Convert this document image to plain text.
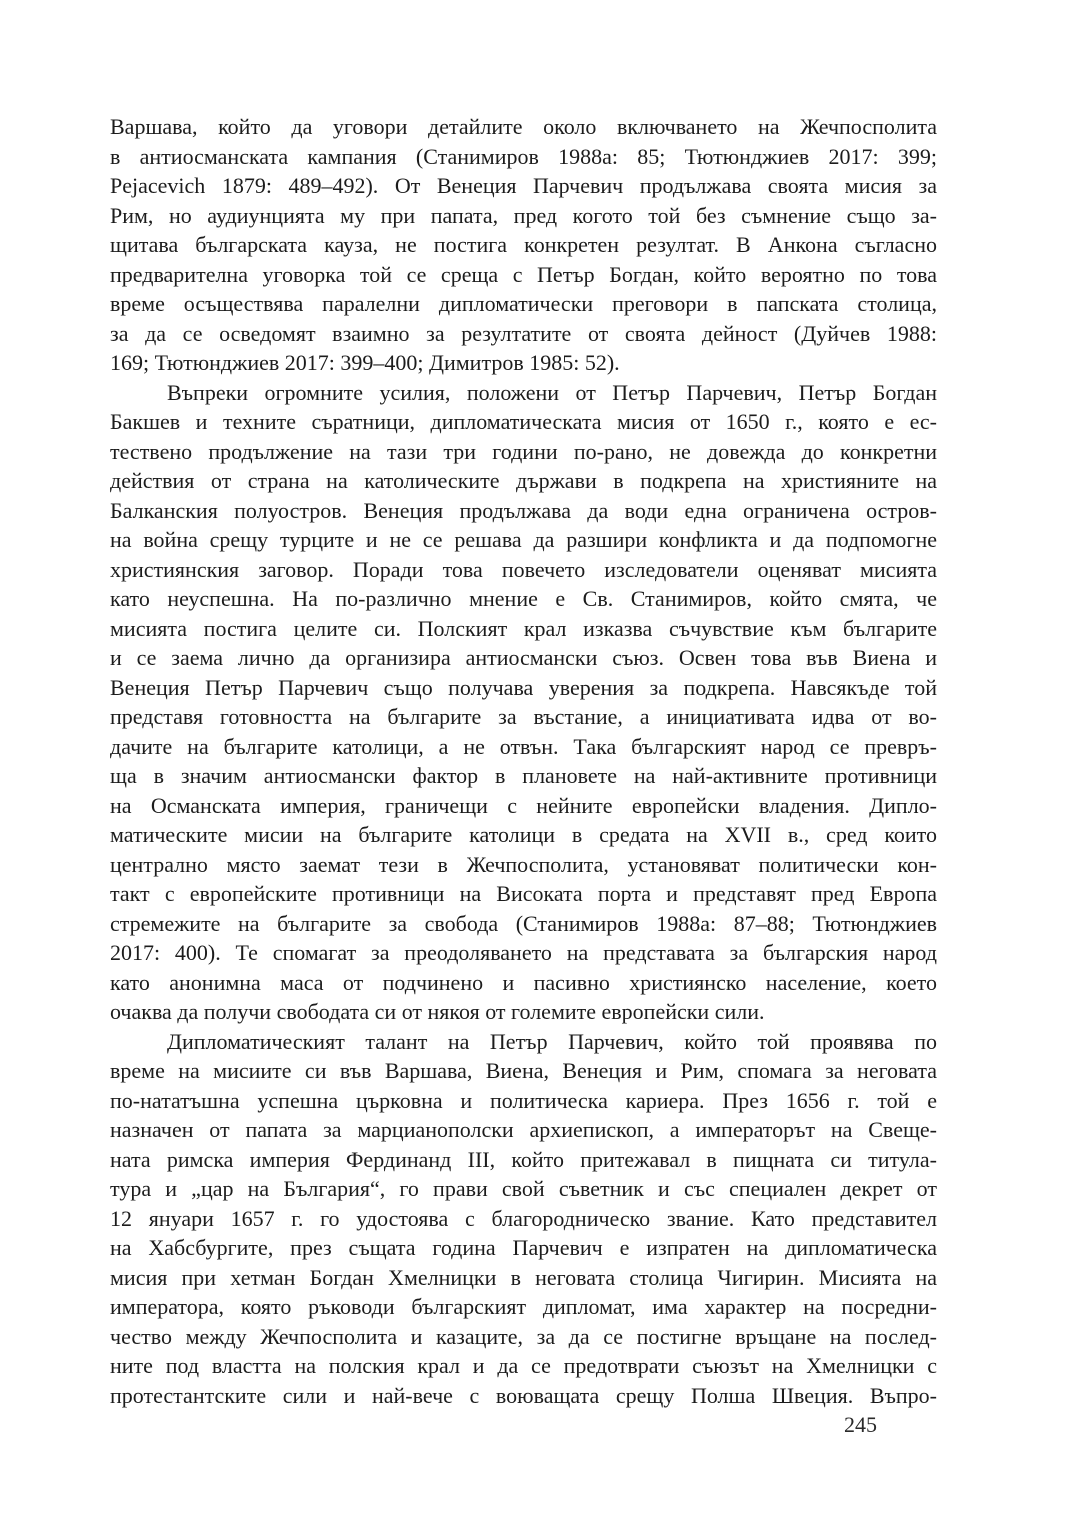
Варшава, който да уговори детайлите около включването на Жечпосполита
в антиосманската кампания (Станимиров 1988а: 85; Тютюнджиев 2017: 399;
Pejacevich 1879: 489–492). От Венеция Парчевич продължава своята мисия за
Рим, но аудиунцията му при папата, пред когото той без съмнение също за-
щитава българската кауза, не постига конкретен резултат. В Анкона съгласно
предварителна уговорка той се среща с Петър Богдан, който вероятно по това
време осъществява паралелни дипломатически преговори в папската столица,
за да се осведомят взаимно за резултатите от своята дейност (Дуйчев 1988:
169; Тютюнджиев 2017: 399–400; Димитров 1985: 52).
Въпреки огромните усилия, положени от Петър Парчевич, Петър Богдан
Бакшев и техните съратници, дипломатическата мисия от 1650 г., която е ес-
тествено продължение на тази три години по-рано, не довежда до конкретни
действия от страна на католическите държави в подкрепа на християните на
Балканския полуостров. Венеция продължава да води една ограничена остров-
на война срещу турците и не се решава да разшири конфликта и да подпомогне
християнския заговор. Поради това повечето изследователи оценяват мисията
като неуспешна. На по-различно мнение е Св. Станимиров, който смята, че
мисията постига целите си. Полският крал изказва съчувствие към българите
и се заема лично да организира антиосмански съюз. Освен това във Виена и
Венеция Петър Парчевич също получава уверения за подкрепа. Навсякъде той
представя готовността на българите за въстание, а инициативата идва от во-
дачите на българите католици, а не отвън. Така българският народ се превръ-
ща в значим антиосмански фактор в плановете на най-активните противници
на Османската империя, граничещи с нейните европейски владения. Дипло-
матическите мисии на българите католици в средата на XVII в., сред които
централно място заемат тези в Жечпосполита, установяват политически кон-
такт с европейските противници на Високата порта и представят пред Европа
стремежите на българите за свобода (Станимиров 1988а: 87–88; Тютюнджиев
2017: 400). Те спомагат за преодоляването на представата за българския народ
като анонимна маса от подчинено и пасивно християнско население, което
очаква да получи свободата си от някоя от големите европейски сили.
Дипломатическият талант на Петър Парчевич, който той проявява по
време на мисиите си във Варшава, Виена, Венеция и Рим, спомага за неговата
по-нататъшна успешна църковна и политическа кариера. През 1656 г. той е
назначен от папата за марцианополски архиепископ, а императорът на Свеще-
ната римска империя Фердинанд III, който притежавал в пищната си титула-
тура и „цар на България“, го прави свой съветник и със специален декрет от
12 януари 1657 г. го удостоява с благородническо звание. Като представител
на Хабсбургите, през същата година Парчевич е изпратен на дипломатическа
мисия при хетман Богдан Хмелницки в неговата столица Чигирин. Мисията на
императора, която ръководи българският дипломат, има характер на посредни-
чество между Жечпосполита и казаците, за да се постигне връщане на послед-
ните под властта на полския крал и да се предотврати съюзът на Хмелницки с
протестантските сили и най-вече с воюващата срещу Полша Швеция. Въпро-
245
